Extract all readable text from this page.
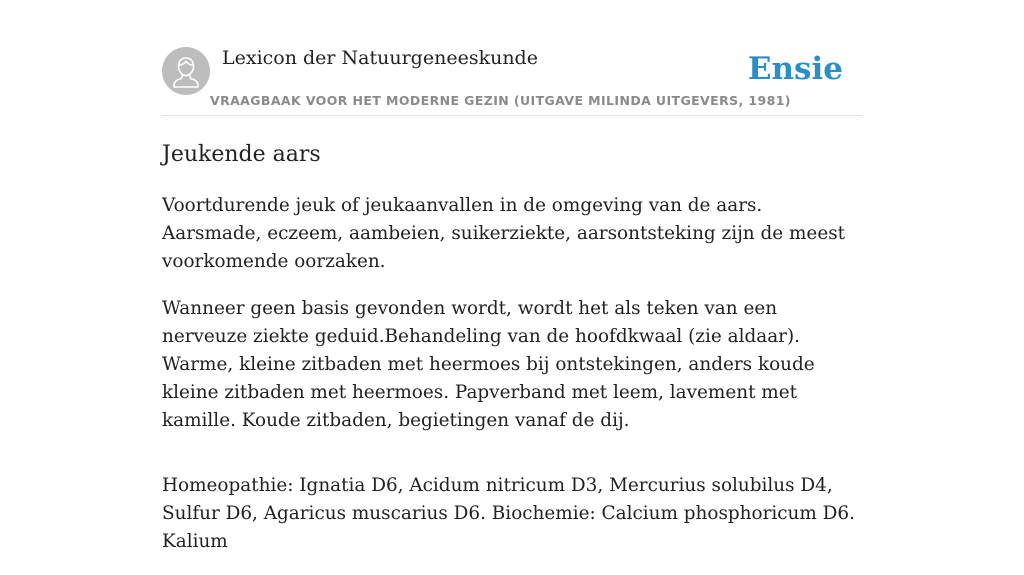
Lexicon der Natuurgeneeskunde
VRAAGBAAK VOOR HET MODERNE GEZIN (UITGAVE MILINDA UITGEVERS, 1981)
Ensie
Jeukende aars

Voortdurende jeuk of jeukaanvallen in de omgeving van de aars. Aarsmade, eczeem, aambeien, suikerziekte, aarsontsteking zijn de meest voorkomende oorzaken.

Wanneer geen basis gevonden wordt, wordt het als teken van een nerveuze ziekte geduid.Behandeling van de hoofdkwaal (zie aldaar). Warme, kleine zitbaden met heermoes bij ontstekingen, anders koude kleine zitbaden met heermoes. Papverband met leem, lavement met kamille. Koude zitbaden, begietingen vanaf de dij.

Homeopathie: Ignatia D6, Acidum nitricum D3, Mercurius solubilus D4, Sulfur D6, Agaricus muscarius D6. Biochemie: Calcium phosphoricum D6. Kalium
